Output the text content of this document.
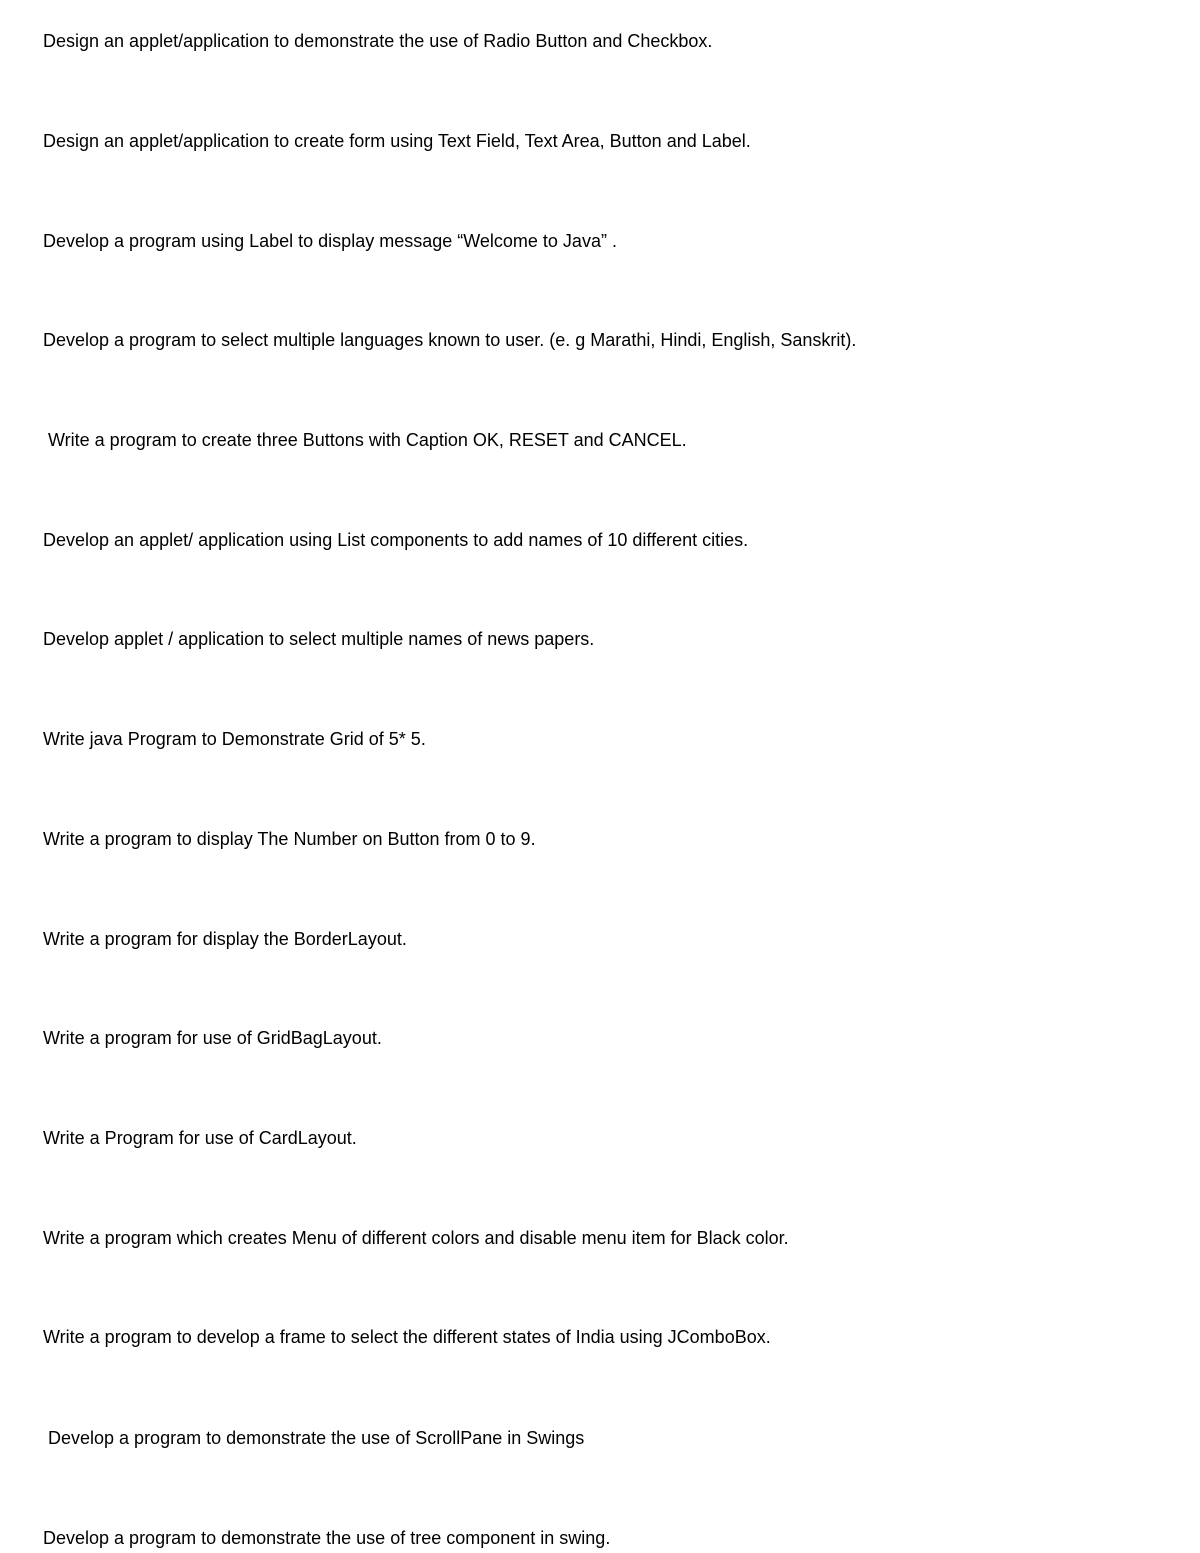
Design an applet/application to demonstrate the use of Radio Button and Checkbox.

Design an applet/application to create form using Text Field, Text Area, Button and Label.

Develop a program using Label to display message “Welcome to Java” .

Develop a program to select multiple languages known to user. (e. g Marathi, Hindi, English, Sanskrit).

Write a program to create three Buttons with Caption OK, RESET and CANCEL.

Develop an applet/ application using List components to add names of 10 different cities.

Develop applet / application to select multiple names of news papers.

Write java Program to Demonstrate Grid of 5* 5.

Write a program to display The Number on Button from 0 to 9.

Write a program for display the BorderLayout.

Write a program for use of GridBagLayout.

Write a Program for use of CardLayout.

Write a program which creates Menu of different colors and disable menu item for Black color.

Write a program to develop a frame to select the different states of India using JComboBox.

Develop a program to demonstrate the use of ScrollPane in Swings

Develop a program to demonstrate the use of tree component in swing.
